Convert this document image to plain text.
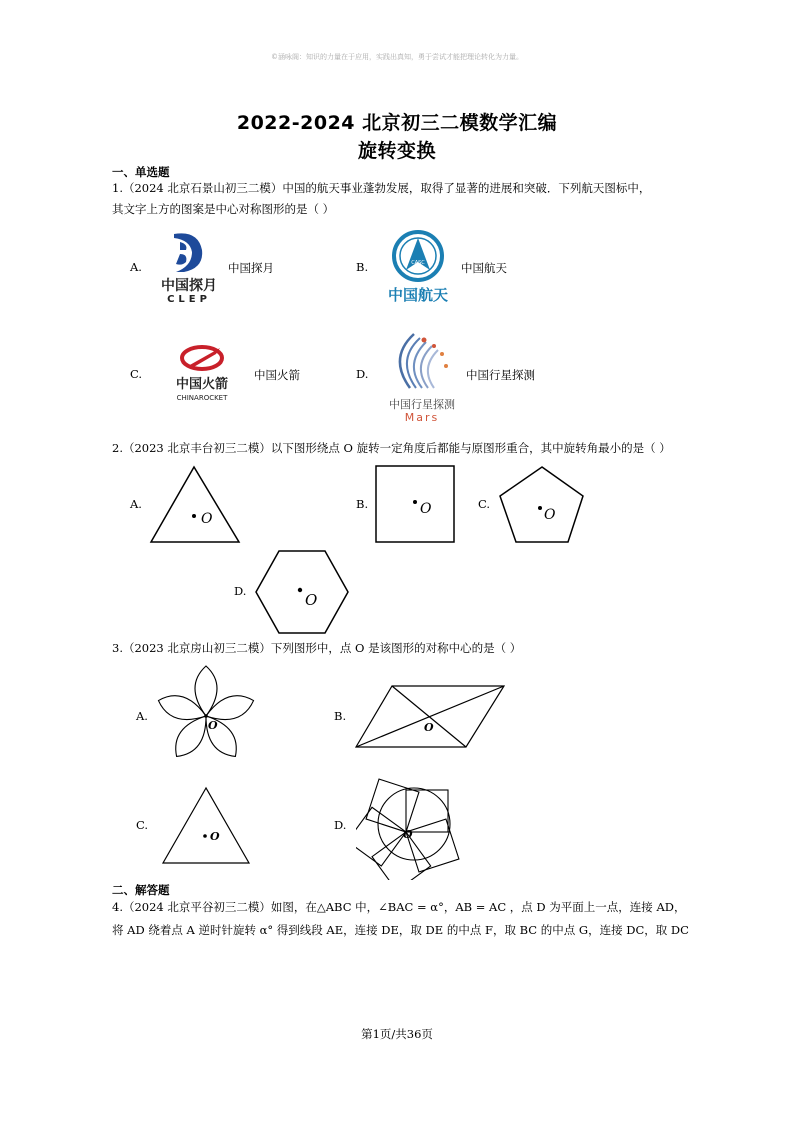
©涵咏阁：知识的力量在于应用，实践出真知，勇于尝试才能把理论转化为力量。
2022-2024 北京初三二模数学汇编
旋转变换
一、单选题
1.（2024 北京石景山初三二模）中国的航天事业蓬勃发展，取得了显著的进展和突破．下列航天图标中，
其文字上方的图案是中心对称图形的是（ ）
A.
中国探月
CLEP
中国探月	B.	CASC
中国航天
中国航天
C.
中国火箭
CHINAROCKET
中国火箭	D.
中国行星探测
Mars
中国行星探测
2.（2023 北京丰台初三二模）以下图形绕点 O 旋转一定角度后都能与原图形重合，其中旋转角最小的是（ ）
A.
O
B.	O	C.
O
D.	O
3.（2023 北京房山初三二模）下列图形中，点 O 是该图形的对称中心的是（ ）
A.
O
B.
O
C.
O
D.
O
二、解答题
4.（2024 北京平谷初三二模）如图，在△ABC 中，∠BAC = α°，AB = AC ，点 D 为平面上一点，连接 AD，
将 AD 绕着点 A 逆时针旋转 α° 得到线段 AE，连接 DE，取 DE 的中点 F，取 BC 的中点 G，连接 DC，取 DC
第1页/共36页
